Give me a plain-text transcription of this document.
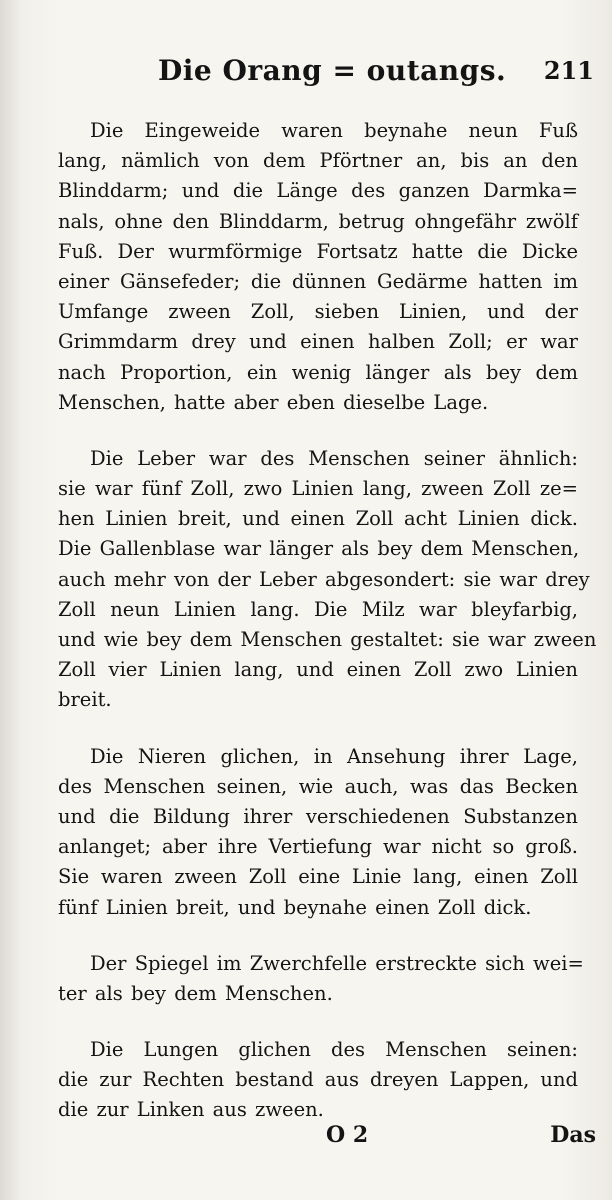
Die Orang = outangs. 211
Die Eingeweide waren beynahe neun Fuß
lang, nämlich von dem Pförtner an, bis an den
Blinddarm; und die Länge des ganzen Darmka=
nals, ohne den Blinddarm, betrug ohngefähr zwölf
Fuß. Der wurmförmige Fortsatz hatte die Dicke
einer Gänsefeder; die dünnen Gedärme hatten im
Umfange zween Zoll, sieben Linien, und der
Grimmdarm drey und einen halben Zoll; er war
nach Proportion, ein wenig länger als bey dem
Menschen, hatte aber eben dieselbe Lage.
Die Leber war des Menschen seiner ähnlich:
sie war fünf Zoll, zwo Linien lang, zween Zoll ze=
hen Linien breit, und einen Zoll acht Linien dick.
Die Gallenblase war länger als bey dem Menschen,
auch mehr von der Leber abgesondert: sie war drey
Zoll neun Linien lang. Die Milz war bleyfarbig,
und wie bey dem Menschen gestaltet: sie war zween
Zoll vier Linien lang, und einen Zoll zwo Linien
breit.
Die Nieren glichen, in Ansehung ihrer Lage,
des Menschen seinen, wie auch, was das Becken
und die Bildung ihrer verschiedenen Substanzen
anlanget; aber ihre Vertiefung war nicht so groß.
Sie waren zween Zoll eine Linie lang, einen Zoll
fünf Linien breit, und beynahe einen Zoll dick.
Der Spiegel im Zwerchfelle erstreckte sich wei=
ter als bey dem Menschen.
Die Lungen glichen des Menschen seinen:
die zur Rechten bestand aus dreyen Lappen, und
die zur Linken aus zween.
O 2	Das
